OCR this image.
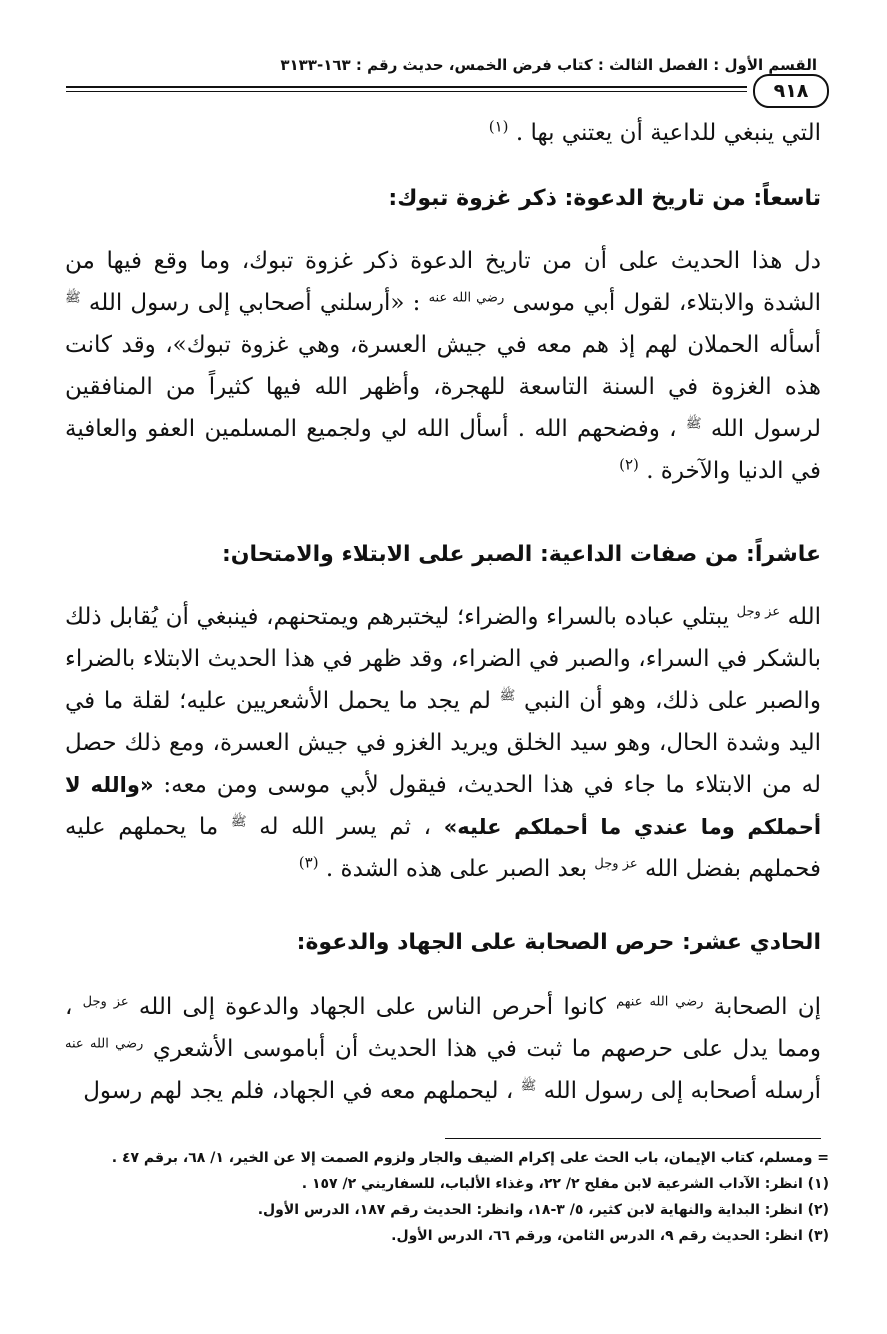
القسم الأول : الفصل الثالث : كتاب فرض الخمس، حديث رقم : ١٦٣-٣١٣٣
٩١٨
التي ينبغي للداعية أن يعتني بها . $^{(١)}$
تاسعاً: من تاريخ الدعوة: ذكر غزوة تبوك:
دل هذا الحديث على أن من تاريخ الدعوة ذكر غزوة تبوك، وما وقع فيها من الشدة والابتلاء، لقول أبي موسى $^{رضي الله عنه}$ : «أرسلني أصحابي إلى رسول الله $^ﷺ$ أسأله الحملان لهم إذ هم معه في جيش العسرة، وهي غزوة تبوك»، وقد كانت هذه الغزوة في السنة التاسعة للهجرة، وأظهر الله فيها كثيراً من المنافقين لرسول الله $^ﷺ$ ، وفضحهم الله . أسأل الله لي ولجميع المسلمين العفو والعافية في الدنيا والآخرة . $^{(٢)}$
عاشراً: من صفات الداعية: الصبر على الابتلاء والامتحان:
الله $^{عز وجل}$ يبتلي عباده بالسراء والضراء؛ ليختبرهم ويمتحنهم، فينبغي أن يُقابل ذلك بالشكر في السراء، والصبر في الضراء، وقد ظهر في هذا الحديث الابتلاء بالضراء والصبر على ذلك، وهو أن النبي $^ﷺ$ لم يجد ما يحمل الأشعريين عليه؛ لقلة ما في اليد وشدة الحال، وهو سيد الخلق ويريد الغزو في جيش العسرة، ومع ذلك حصل له من الابتلاء ما جاء في هذا الحديث، فيقول لأبي موسى ومن معه: «والله لا أحملكم وما عندي ما أحملكم عليه» ، ثم يسر الله له $^ﷺ$ ما يحملهم عليه فحملهم بفضل الله $^{عز وجل}$ بعد الصبر على هذه الشدة . $^{(٣)}$
الحادي عشر: حرص الصحابة على الجهاد والدعوة:
إن الصحابة $^{رضي الله عنهم}$ كانوا أحرص الناس على الجهاد والدعوة إلى الله $^{عز وجل}$ ، ومما يدل على حرصهم ما ثبت في هذا الحديث أن أباموسى الأشعري $^{رضي الله عنه}$ أرسله أصحابه إلى رسول الله $^ﷺ$ ، ليحملهم معه في الجهاد، فلم يجد لهم رسول
= ومسلم، كتاب الإيمان، باب الحث على إكرام الضيف والجار ولزوم الصمت إلا عن الخير، ١/ ٦٨، برقم ٤٧ .
(١) انظر: الآداب الشرعية لابن مفلح ٢/ ٢٢، وغذاء الألباب، للسفاريني ٢/ ١٥٧ .
(٢) انظر: البداية والنهاية لابن كثير، ٥/ ٣-١٨، وانظر: الحديث رقم ١٨٧، الدرس الأول.
(٣) انظر: الحديث رقم ٩، الدرس الثامن، ورقم ٦٦، الدرس الأول.
